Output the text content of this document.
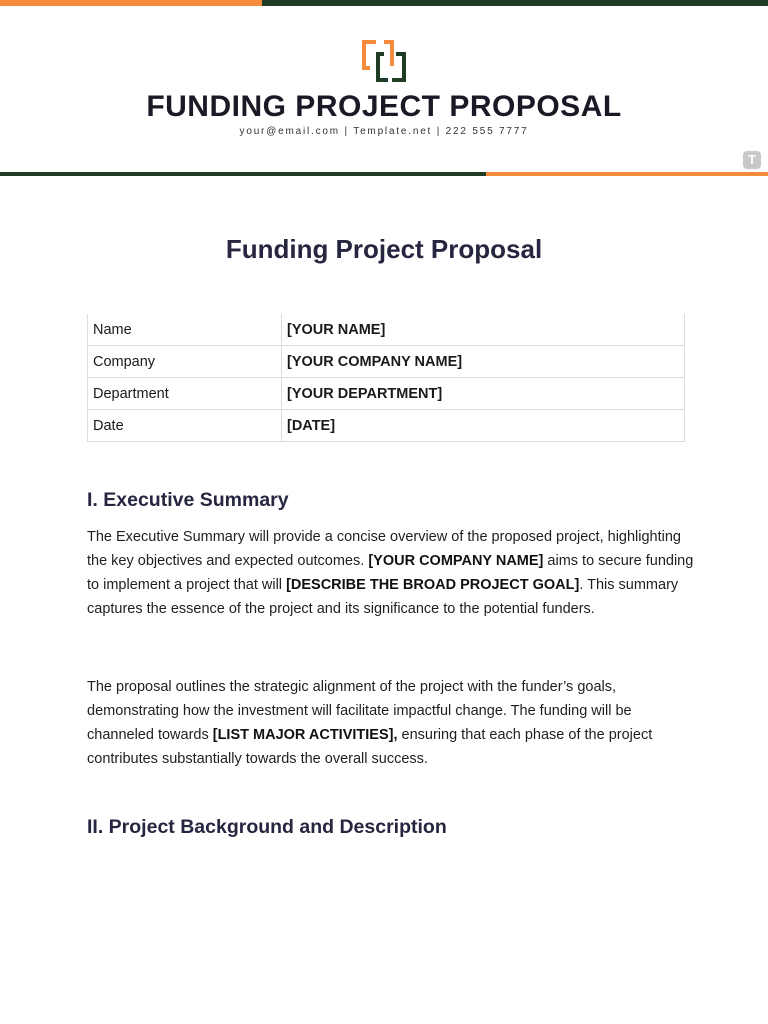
FUNDING PROJECT PROPOSAL
your@email.com | Template.net | 222 555 7777
T
Funding Project Proposal
Name	[YOUR NAME]
Company	[YOUR COMPANY NAME]
Department	[YOUR DEPARTMENT]
Date	[DATE]
I. Executive Summary
The Executive Summary will provide a concise overview of the proposed project, highlighting the key objectives and expected outcomes. [YOUR COMPANY NAME] aims to secure funding to implement a project that will [DESCRIBE THE BROAD PROJECT GOAL]. This summary captures the essence of the project and its significance to the potential funders.
The proposal outlines the strategic alignment of the project with the funder’s goals, demonstrating how the investment will facilitate impactful change. The funding will be channeled towards [LIST MAJOR ACTIVITIES], ensuring that each phase of the project contributes substantially towards the overall success.
II. Project Background and Description
